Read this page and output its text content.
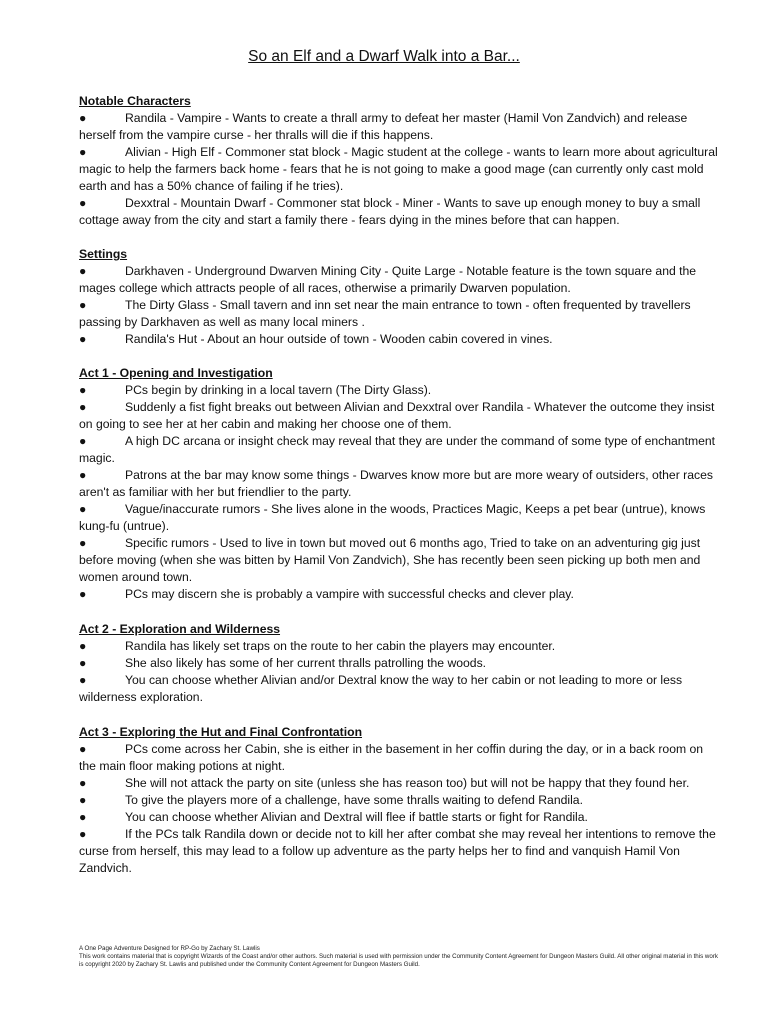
So an Elf and a Dwarf Walk into a Bar...
Notable Characters
●	Randila - Vampire - Wants to create a thrall army to defeat her master (Hamil Von Zandvich) and release herself from the vampire curse - her thralls will die if this happens.
●	Alivian - High Elf - Commoner stat block - Magic student at the college - wants to learn more about agricultural magic to help the farmers back home - fears that he is not going to make a good mage (can currently only cast mold earth and has a 50% chance of failing if he tries).
●	Dexxtral - Mountain Dwarf - Commoner stat block - Miner - Wants to save up enough money to buy a small cottage away from the city and start a family there - fears dying in the mines before that can happen.
Settings
●	Darkhaven - Underground Dwarven Mining City - Quite Large - Notable feature is the town square and the mages college which attracts people of all races, otherwise a primarily Dwarven population.
●	The Dirty Glass - Small tavern and inn set near the main entrance to town - often frequented by travellers passing by Darkhaven as well as many local miners .
●	Randila's Hut - About an hour outside of town - Wooden cabin covered in vines.
Act 1 - Opening and Investigation
●	PCs begin by drinking in a local tavern (The Dirty Glass).
●	Suddenly a fist fight breaks out between Alivian and Dexxtral over Randila - Whatever the outcome they insist on going to see her at her cabin and making her choose one of them.
●	A high DC arcana or insight check may reveal that they are under the command of some type of enchantment magic.
●	Patrons at the bar may know some things - Dwarves know more but are more weary of outsiders, other races aren't as familiar with her but friendlier to the party.
●	Vague/inaccurate rumors - She lives alone in the woods, Practices Magic, Keeps a pet bear (untrue), knows kung-fu (untrue).
●	Specific rumors - Used to live in town but moved out 6 months ago, Tried to take on an adventuring gig just before moving (when she was bitten by Hamil Von Zandvich), She has recently been seen picking up both men and women around town.
●	PCs may discern she is probably a vampire with successful checks and clever play.
Act 2 - Exploration and Wilderness
●	Randila has likely set traps on the route to her cabin the players may encounter.
●	She also likely has some of her current thralls patrolling the woods.
●	You can choose whether Alivian and/or Dextral know the way to her cabin or not leading to more or less wilderness exploration.
Act 3 - Exploring the Hut and Final Confrontation
●	PCs come across her Cabin, she is either in the basement in her coffin during the day, or in a back room on the main floor making potions at night.
●	She will not attack the party on site (unless she has reason too) but will not be happy that they found her.
●	To give the players more of a challenge, have some thralls waiting to defend Randila.
●	You can choose whether Alivian and Dextral will flee if battle starts or fight for Randila.
●	If the PCs talk Randila down or decide not to kill her after combat she may reveal her intentions to remove the curse from herself, this may lead to a follow up adventure as the party helps her to find and vanquish Hamil Von Zandvich.
A One Page Adventure Designed for RP-Go by Zachary St. Lawlis
This work contains material that is copyright Wizards of the Coast and/or other authors. Such material is used with permission under the Community Content Agreement for Dungeon Masters Guild. All other original material in this work is copyright 2020 by Zachary St. Lawlis and published under the Community Content Agreement for Dungeon Masters Guild.
